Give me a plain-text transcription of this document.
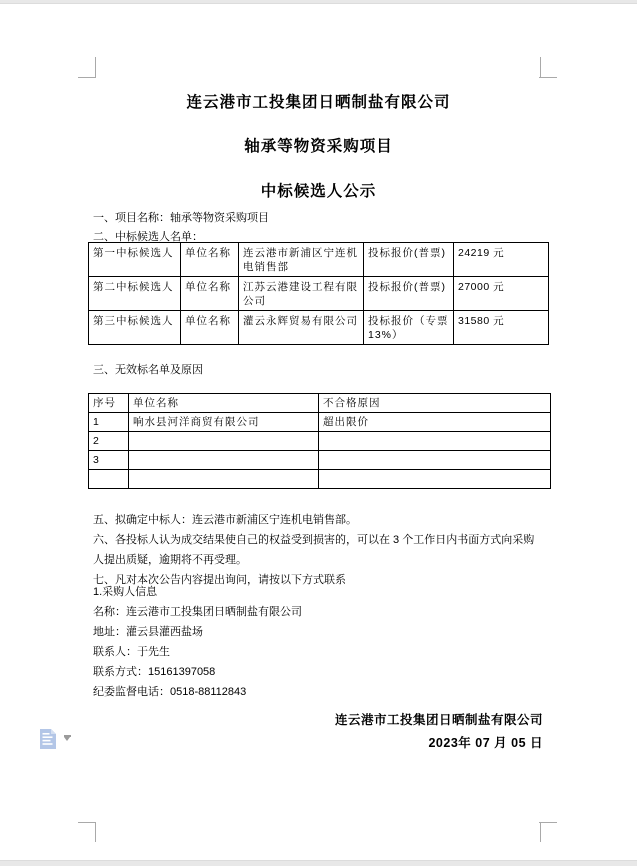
连云港市工投集团日晒制盐有限公司
轴承等物资采购项目
中标候选人公示
一、项目名称：轴承等物资采购项目
二、中标候选人名单：
第一中标候选人	单位名称	连云港市新浦区宁连机电销售部	投标报价(普票)	24219 元
第二中标候选人	单位名称	江苏云港建设工程有限公司	投标报价(普票)	27000 元
第三中标候选人	单位名称	灌云永辉贸易有限公司	投标报价（专票13%）	31580 元
三、无效标名单及原因
序号	单位名称	不合格原因
1	响水县河洋商贸有限公司	超出限价
2		
3		

五、拟确定中标人：连云港市新浦区宁连机电销售部。
六、各投标人认为成交结果使自己的权益受到损害的，可以在 3 个工作日内书面方式向采购人提出质疑，逾期将不再受理。
七、凡对本次公告内容提出询问，请按以下方式联系
1.采购人信息
名称：连云港市工投集团日晒制盐有限公司
地址：灌云县灌西盐场
联系人：于先生
联系方式：15161397058
纪委监督电话：0518-88112843
连云港市工投集团日晒制盐有限公司
2023年 07 月 05 日
